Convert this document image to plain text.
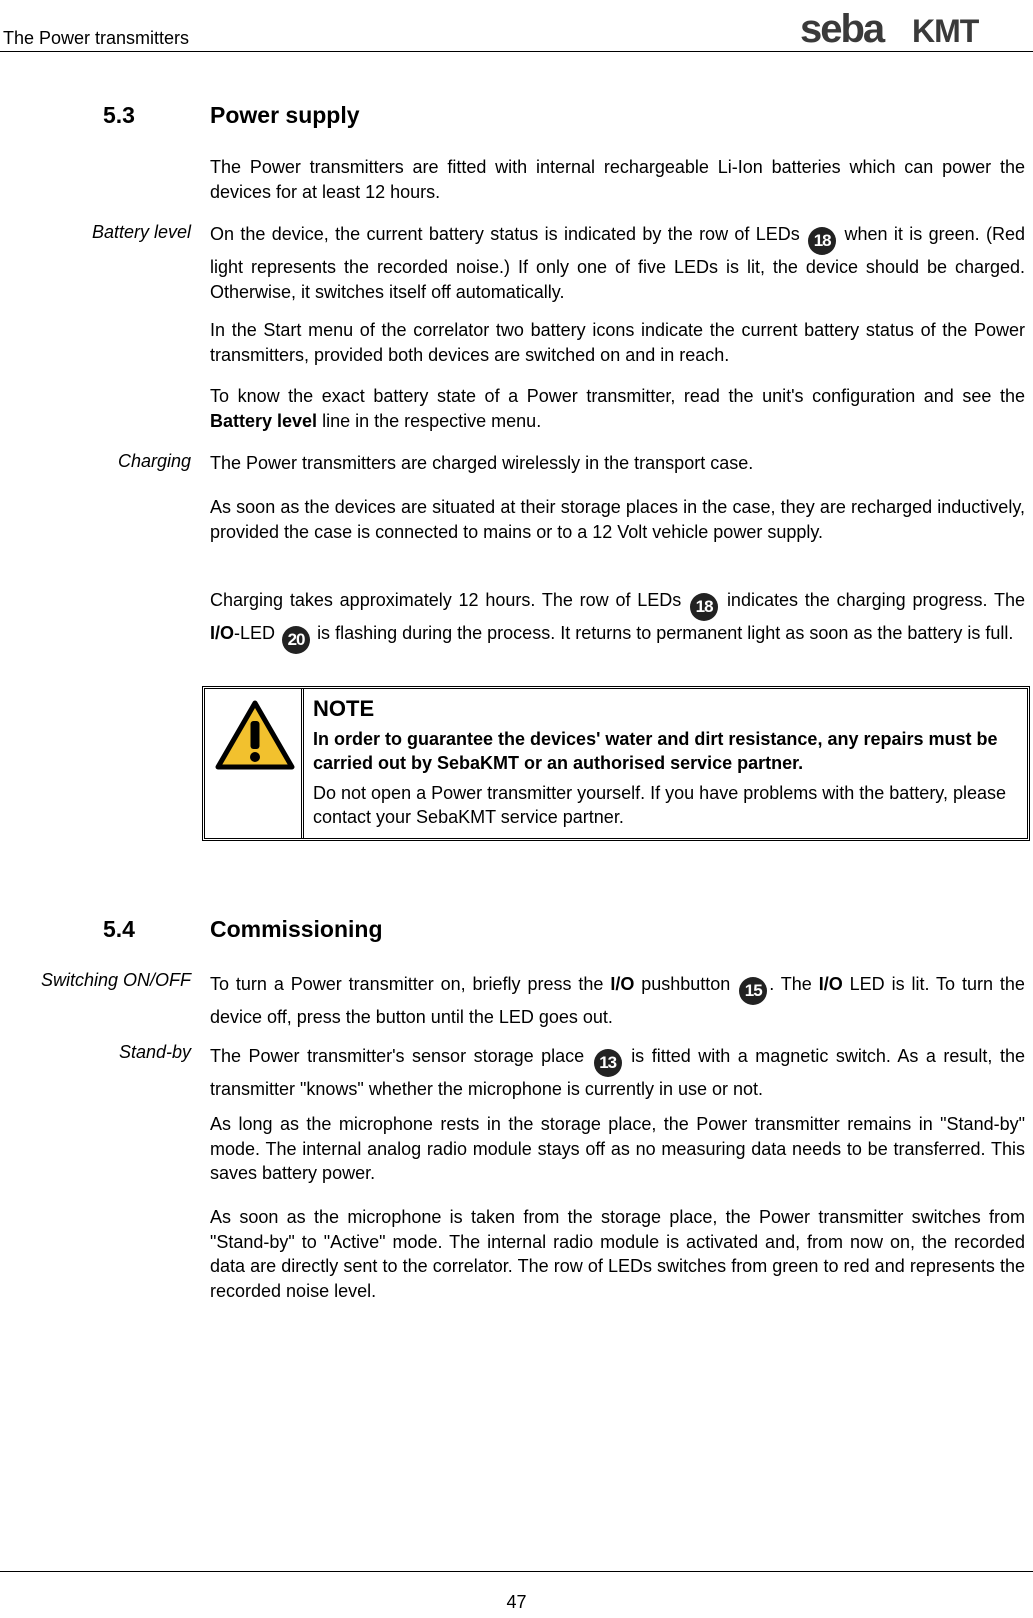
The Power transmitters	seba KMT
5.3	Power supply
The Power transmitters are fitted with internal rechargeable Li-Ion batteries which can power the devices for at least 12 hours.
Battery level On the device, the current battery status is indicated by the row of LEDs 18 when it is green. (Red light represents the recorded noise.) If only one of five LEDs is lit, the device should be charged. Otherwise, it switches itself off automatically.
In the Start menu of the correlator two battery icons indicate the current battery status of the Power transmitters, provided both devices are switched on and in reach.
To know the exact battery state of a Power transmitter, read the unit's configuration and see the Battery level line in the respective menu.
Charging The Power transmitters are charged wirelessly in the transport case.
As soon as the devices are situated at their storage places in the case, they are recharged inductively, provided the case is connected to mains or to a 12 Volt vehicle power supply.
Charging takes approximately 12 hours. The row of LEDs 18 indicates the charging progress. The I/O-LED 20 is flashing during the process. It returns to permanent light as soon as the battery is full.
NOTE
In order to guarantee the devices' water and dirt resistance, any repairs must be carried out by SebaKMT or an authorised service partner.
Do not open a Power transmitter yourself. If you have problems with the battery, please contact your SebaKMT service partner.
5.4	Commissioning
Switching ON/OFF To turn a Power transmitter on, briefly press the I/O pushbutton 15 . The I/O LED is lit. To turn the device off, press the button until the LED goes out.
Stand-by The Power transmitter's sensor storage place 13 is fitted with a magnetic switch. As a result, the transmitter "knows" whether the microphone is currently in use or not.
As long as the microphone rests in the storage place, the Power transmitter remains in "Stand-by" mode. The internal analog radio module stays off as no measuring data needs to be transferred. This saves battery power.
As soon as the microphone is taken from the storage place, the Power transmitter switches from "Stand-by" to "Active" mode. The internal radio module is activated and, from now on, the recorded data are directly sent to the correlator. The row of LEDs switches from green to red and represents the recorded noise level.
47
